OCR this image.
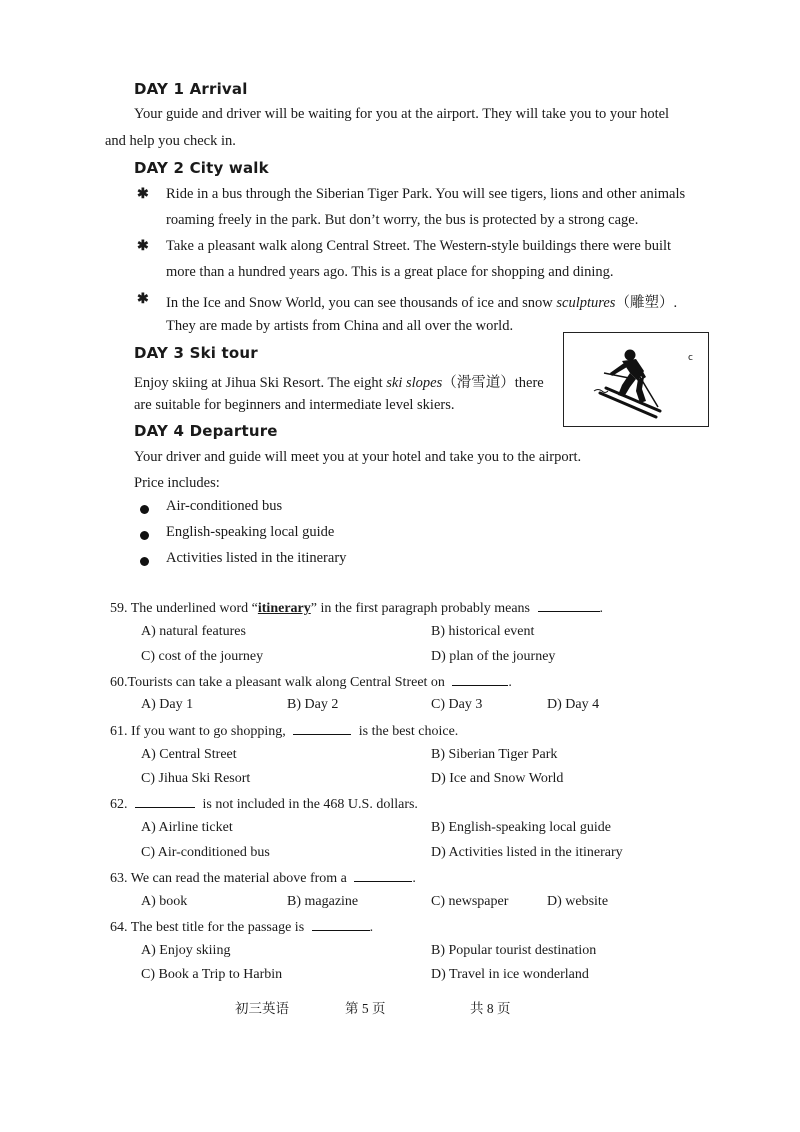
DAY 1 Arrival
Your guide and driver will be waiting for you at the airport. They will take you to your hotel
and help you check in.
DAY 2 City walk
✱ Ride in a bus through the Siberian Tiger Park. You will see tigers, lions and other animals
roaming freely in the park. But don’t worry, the bus is protected by a strong cage.
✱ Take a pleasant walk along Central Street. The Western-style buildings there were built
more than a hundred years ago. This is a great place for shopping and dining.
✱ In the Ice and Snow World, you can see thousands of ice and snow sculptures（雕塑）.
They are made by artists from China and all over the world.
DAY 3 Ski tour
Enjoy skiing at Jihua Ski Resort. The eight ski slopes（滑雪道）there
are suitable for beginners and intermediate level skiers.
c
DAY 4 Departure
Your driver and guide will meet you at your hotel and take you to the airport.
Price includes:
Air-conditioned bus
English-speaking local guide
Activities listed in the itinerary
59. The underlined word “itinerary” in the first paragraph probably means	.
A) natural features	B) historical event
C) cost of the journey	D) plan of the journey
60.Tourists can take a pleasant walk along Central Street on	.
A) Day 1	B) Day 2	C) Day 3	D) Day 4
61. If you want to go shopping,	is the best choice.
A) Central Street	B) Siberian Tiger Park
C) Jihua Ski Resort	D) Ice and Snow World
62.	is not included in the 468 U.S. dollars.
A) Airline ticket	B) English-speaking local guide
C) Air-conditioned bus	D) Activities listed in the itinerary
63. We can read the material above from a	.
A) book	B) magazine	C) newspaper	D) website
64. The best title for the passage is	.
A) Enjoy skiing	B) Popular tourist destination
C) Book a Trip to Harbin	D) Travel in ice wonderland
初三英语	第 5 页	共 8 页
